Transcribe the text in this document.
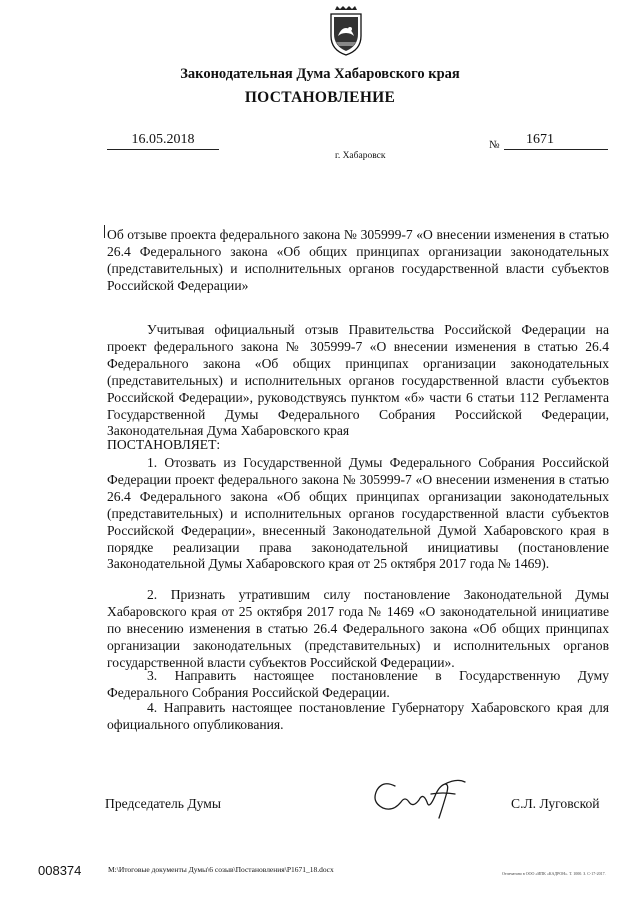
Законодательная Дума Хабаровского края
ПОСТАНОВЛЕНИЕ
16.05.2018
г. Хабаровск
№	1671

Об отзыве проекта федерального закона № 305999-7 «О внесении изменения в статью 26.4 Федерального закона «Об общих принципах организации законодательных (представительных) и исполнительных органов государственной власти субъектов Российской Федерации»

Учитывая официальный отзыв Правительства Российской Федерации на проект федерального закона № 305999-7 «О внесении изменения в статью 26.4 Федерального закона «Об общих принципах организации законодательных (представительных) и исполнительных органов государственной власти субъектов Российской Федерации», руководствуясь пунктом «б» части 6 статьи 112 Регламента Государственной Думы Федерального Собрания Российской Федерации, Законодательная Дума Хабаровского края

ПОСТАНОВЛЯЕТ:

1. Отозвать из Государственной Думы Федерального Собрания Российской Федерации проект федерального закона № 305999-7 «О внесении изменения в статью 26.4 Федерального закона «Об общих принципах организации законодательных (представительных) и исполнительных органов государственной власти субъектов Российской Федерации», внесенный Законодательной Думой Хабаровского края в порядке реализации права законодательной инициативы (постановление Законодательной Думы Хабаровского края от 25 октября 2017 года № 1469).

2. Признать утратившим силу постановление Законодательной Думы Хабаровского края от 25 октября 2017 года № 1469 «О законодательной инициативе по внесению изменения в статью 26.4 Федерального закона «Об общих принципах организации законодательных (представительных) и исполнительных органов государственной власти субъектов Российской Федерации».

3. Направить настоящее постановление в Государственную Думу Федерального Собрания Российской Федерации.

4. Направить настоящее постановление Губернатору Хабаровского края для официального опубликования.

Председатель Думы	С.Л. Луговской
008374	M:\Итоговые документы Думы\6 созыв\Постановления\P1671_18.docx	Отпечатано в ООО «ИПК «КАДРОН». Т. 1000. З. С-17-2017.
